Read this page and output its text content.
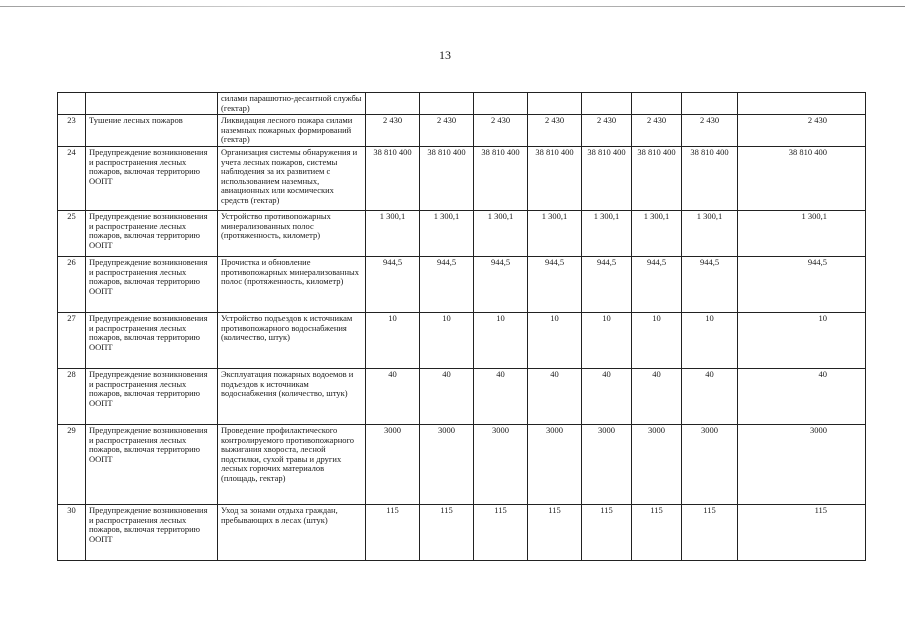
13
		силами парашютно-десантной службы (гектар)								
23	Тушение лесных пожаров	Ликвидация лесного пожара силами наземных пожарных формирований (гектар)	2 430	2 430	2 430	2 430	2 430	2 430	2 430	2 430
24	Предупреждение возникновения и распространения лесных пожаров, включая территорию ООПТ	Организация системы обнаружения и учета лесных пожаров, системы наблюдения за их развитием с использованием наземных, авиационных или космических средств (гектар)	38 810 400	38 810 400	38 810 400	38 810 400	38 810 400	38 810 400	38 810 400	38 810 400
25	Предупреждение возникновения и распространение лесных пожаров, включая территорию ООПТ	Устройство противопожарных минерализованных полос (протяженность, километр)	1 300,1	1 300,1	1 300,1	1 300,1	1 300,1	1 300,1	1 300,1	1 300,1
26	Предупреждение возникновения и распространения лесных пожаров, включая территорию ООПТ	Прочистка и обновление противопожарных минерализованных полос (протяженность, километр)	944,5	944,5	944,5	944,5	944,5	944,5	944,5	944,5
27	Предупреждение возникновения и распространения лесных пожаров, включая территорию ООПТ	Устройство подъездов к источникам противопожарного водоснабжения (количество, штук)	10	10	10	10	10	10	10	10
28	Предупреждение возникновения и распространения лесных пожаров, включая территорию ООПТ	Эксплуатация пожарных водоемов и подъездов к источникам водоснабжения (количество, штук)	40	40	40	40	40	40	40	40
29	Предупреждение возникновения и распространения лесных пожаров, включая территорию ООПТ	Проведение профилактического контролируемого противопожарного выжигания хвороста, лесной подстилки, сухой травы и других лесных горючих материалов (площадь, гектар)	3000	3000	3000	3000	3000	3000	3000	3000
30	Предупреждение возникновения и распространения лесных пожаров, включая территорию ООПТ	Уход за зонами отдыха граждан, пребывающих в лесах (штук)	115	115	115	115	115	115	115	115
